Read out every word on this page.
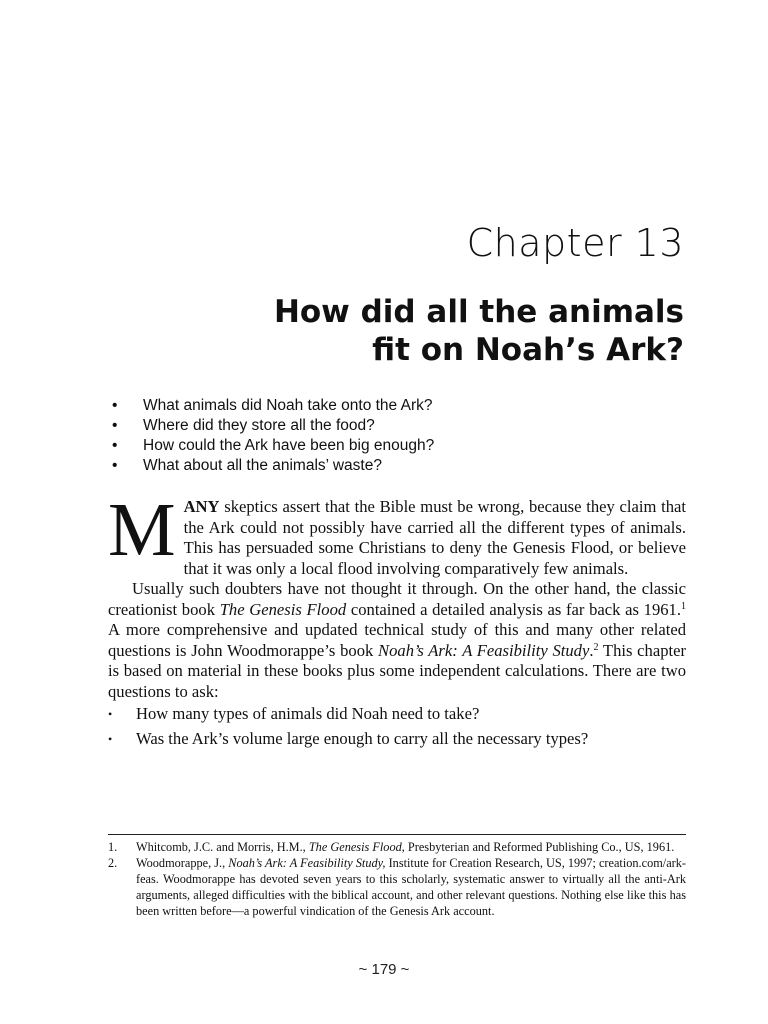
Chapter 13
How did all the animals
fit on Noah’s Ark?
• What animals did Noah take onto the Ark?
• Where did they store all the food?
• How could the Ark have been big enough?
• What about all the animals’ waste?

MANY skeptics assert that the Bible must be wrong, because they claim that the Ark could not possibly have carried all the different types of animals. This has persuaded some Christians to deny the Genesis Flood, or believe that it was only a local flood involving comparatively few animals.

Usually such doubters have not thought it through. On the other hand, the classic creationist book The Genesis Flood contained a detailed analysis as far back as 1961.$^1$ A more comprehensive and updated technical study of this and many other related questions is John Woodmorappe’s book Noah’s Ark: A Feasibility Study.$^2$ This chapter is based on material in these books plus some independent calculations. There are two questions to ask:

• How many types of animals did Noah need to take?
• Was the Ark’s volume large enough to carry all the necessary types?
1. Whitcomb, J.C. and Morris, H.M., The Genesis Flood, Presbyterian and Reformed Publishing Co., US, 1961.
2. Woodmorappe, J., Noah’s Ark: A Feasibility Study, Institute for Creation Research, US, 1997; creation.com/ark-feas. Woodmorappe has devoted seven years to this scholarly, systematic answer to virtually all the anti-Ark arguments, alleged difficulties with the biblical account, and other relevant questions. Nothing else like this has been written before—a powerful vindication of the Genesis Ark account.
~ 179 ~
